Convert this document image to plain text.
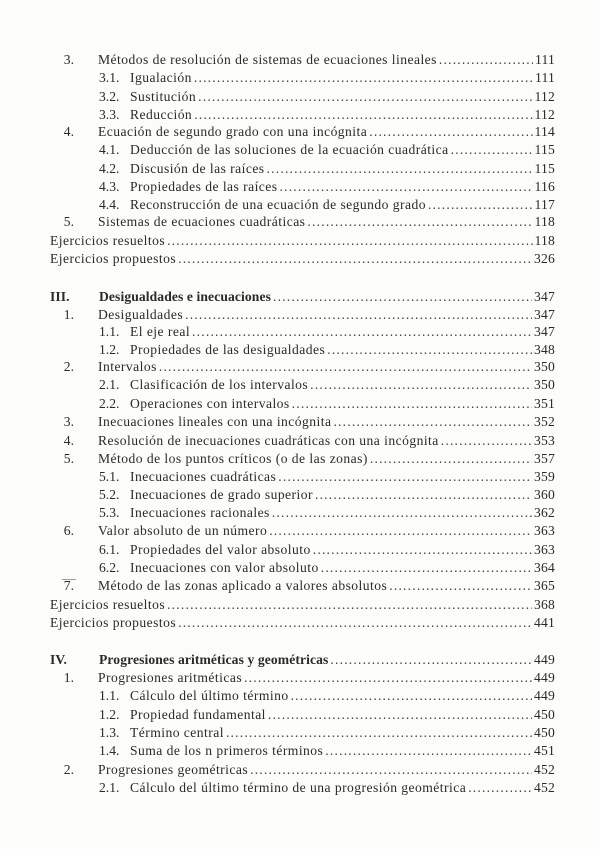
3. Métodos de resolución de sistemas de ecuaciones lineales .....	111
3.1. Igualación .....	111
3.2. Sustitución .....	112
3.3. Reducción .....	112
4. Ecuación de segundo grado con una incógnita .....	114
4.1. Deducción de las soluciones de la ecuación cuadrática .....	115
4.2. Discusión de las raíces .....	115
4.3. Propiedades de las raíces .....	116
4.4. Reconstrucción de una ecuación de segundo grado .....	117
5. Sistemas de ecuaciones cuadráticas .....	118
Ejercicios resueltos .....	118
Ejercicios propuestos .....	326
III. Desigualdades e inecuaciones .....	347
1. Desigualdades .....	347
1.1. El eje real .....	347
1.2. Propiedades de las desigualdades .....	348
2. Intervalos .....	350
2.1. Clasificación de los intervalos .....	350
2.2. Operaciones con intervalos .....	351
3. Inecuaciones lineales con una incógnita .....	352
4. Resolución de inecuaciones cuadráticas con una incógnita .....	353
5. Método de los puntos críticos (o de las zonas) .....	357
5.1. Inecuaciones cuadráticas .....	359
5.2. Inecuaciones de grado superior .....	360
5.3. Inecuaciones racionales .....	362
6. Valor absoluto de un número .....	363
6.1. Propiedades del valor absoluto .....	363
6.2. Inecuaciones con valor absoluto .....	364
7. Método de las zonas aplicado a valores absolutos .....	365
Ejercicios resueltos .....	368
Ejercicios propuestos .....	441
IV. Progresiones aritméticas y geométricas .....	449
1. Progresiones aritméticas .....	449
1.1. Cálculo del último término .....	449
1.2. Propiedad fundamental .....	450
1.3. Término central .....	450
1.4. Suma de los n primeros términos .....	451
2. Progresiones geométricas .....	452
2.1. Cálculo del último término de una progresión geométrica .....	452
